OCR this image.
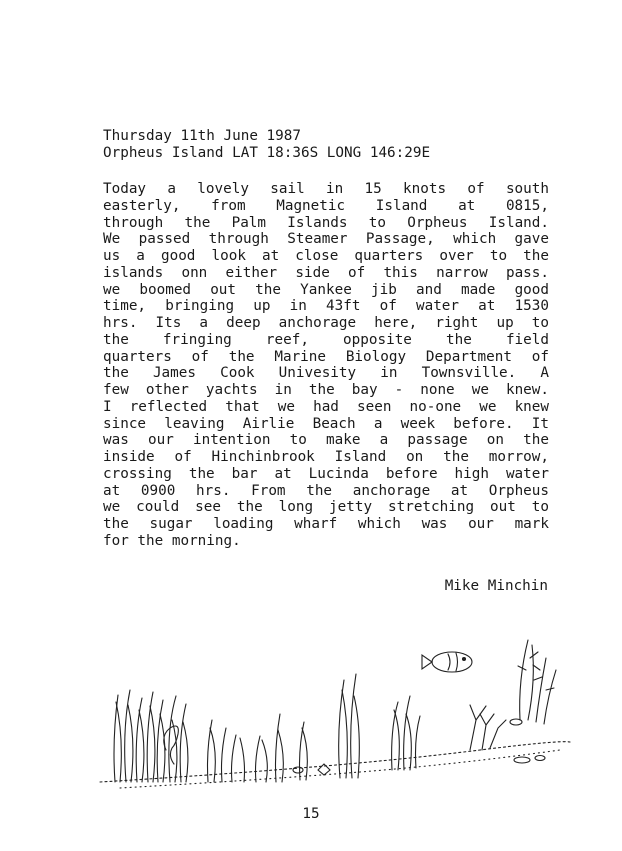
Thursday 11th June 1987
Orpheus Island LAT 18:36S LONG 146:29E
Today a lovely sail in 15 knots of south
easterly, from Magnetic Island at 0815,
through the Palm Islands to Orpheus Island.
We passed through Steamer Passage, which gave
us a good look at close quarters over to the
islands onn either side of this narrow pass.
we boomed out the Yankee jib and made good
time, bringing up in 43ft of water at 1530
hrs. Its a deep anchorage here, right up to
the fringing reef, opposite the field
quarters of the Marine Biology Department of
the James Cook Univesity in Townsville. A
few other yachts in the bay - none we knew.
I reflected that we had seen no-one we knew
since leaving Airlie Beach a week before. It
was our intention to make a passage on the
inside of Hinchinbrook Island on the morrow,
crossing the bar at Lucinda before high water
at 0900 hrs. From the anchorage at Orpheus
we could see the long jetty stretching out to
the sugar loading wharf which was our mark
for the morning.
Mike Minchin
15
